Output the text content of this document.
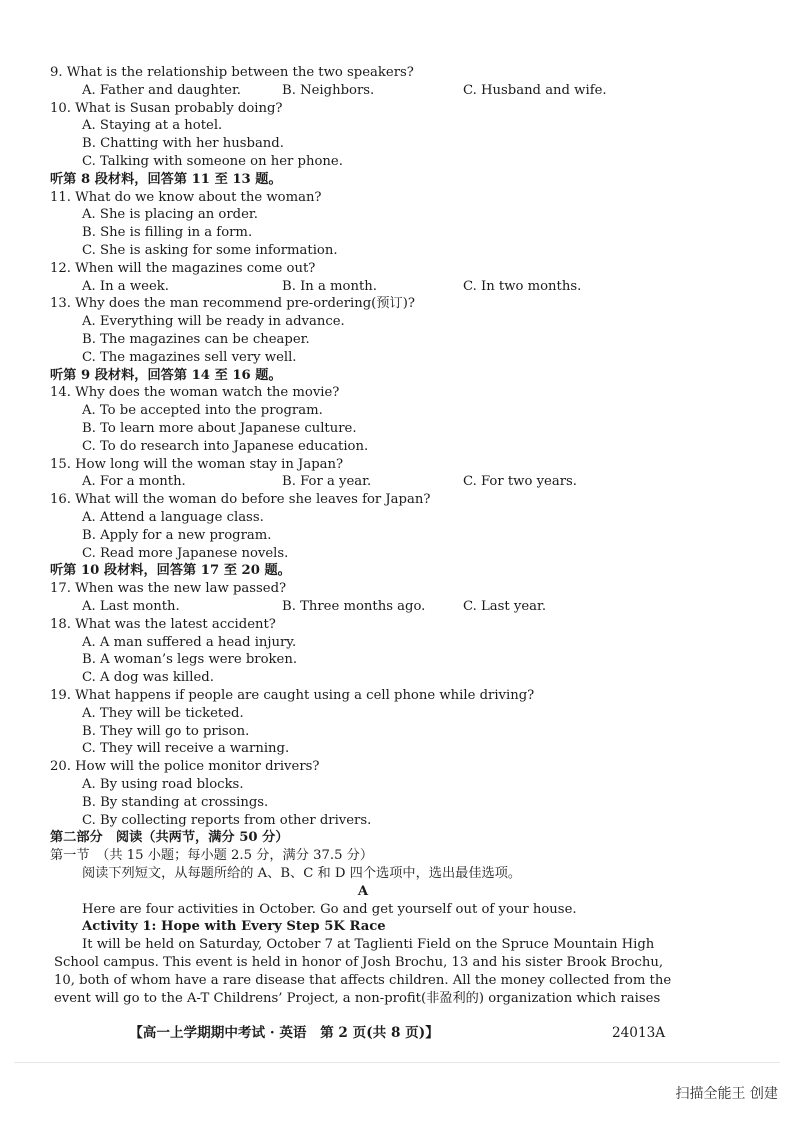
9. What is the relationship between the two speakers?
A. Father and daughter.	B. Neighbors.	C. Husband and wife.
10. What is Susan probably doing?
A. Staying at a hotel.
B. Chatting with her husband.
C. Talking with someone on her phone.
听第 8 段材料，回答第 11 至 13 题。
11. What do we know about the woman?
A. She is placing an order.
B. She is filling in a form.
C. She is asking for some information.
12. When will the magazines come out?
A. In a week.	B. In a month.	C. In two months.
13. Why does the man recommend pre-ordering(预订)?
A. Everything will be ready in advance.
B. The magazines can be cheaper.
C. The magazines sell very well.
听第 9 段材料，回答第 14 至 16 题。
14. Why does the woman watch the movie?
A. To be accepted into the program.
B. To learn more about Japanese culture.
C. To do research into Japanese education.
15. How long will the woman stay in Japan?
A. For a month.	B. For a year.	C. For two years.
16. What will the woman do before she leaves for Japan?
A. Attend a language class.
B. Apply for a new program.
C. Read more Japanese novels.
听第 10 段材料，回答第 17 至 20 题。
17. When was the new law passed?
A. Last month.	B. Three months ago.	C. Last year.
18. What was the latest accident?
A. A man suffered a head injury.
B. A woman’s legs were broken.
C. A dog was killed.
19. What happens if people are caught using a cell phone while driving?
A. They will be ticketed.
B. They will go to prison.
C. They will receive a warning.
20. How will the police monitor drivers?
A. By using road blocks.
B. By standing at crossings.
C. By collecting reports from other drivers.
第二部分　阅读（共两节，满分 50 分）
第一节　（共 15 小题；每小题 2.5 分，满分 37.5 分）
阅读下列短文，从每题所给的 A、B、C 和 D 四个选项中，选出最佳选项。
A
Here are four activities in October. Go and get yourself out of your house.
Activity 1: Hope with Every Step 5K Race
It will be held on Saturday, October 7 at Taglienti Field on the Spruce Mountain High
School campus. This event is held in honor of Josh Brochu, 13 and his sister Brook Brochu,
10, both of whom have a rare disease that affects children. All the money collected from the
event will go to the A-T Childrens’ Project, a non-profit(非盈利的) organization which raises
【高一上学期期中考试 · 英语　第 2 页(共 8 页)】	24013A
扫描全能王 创建
